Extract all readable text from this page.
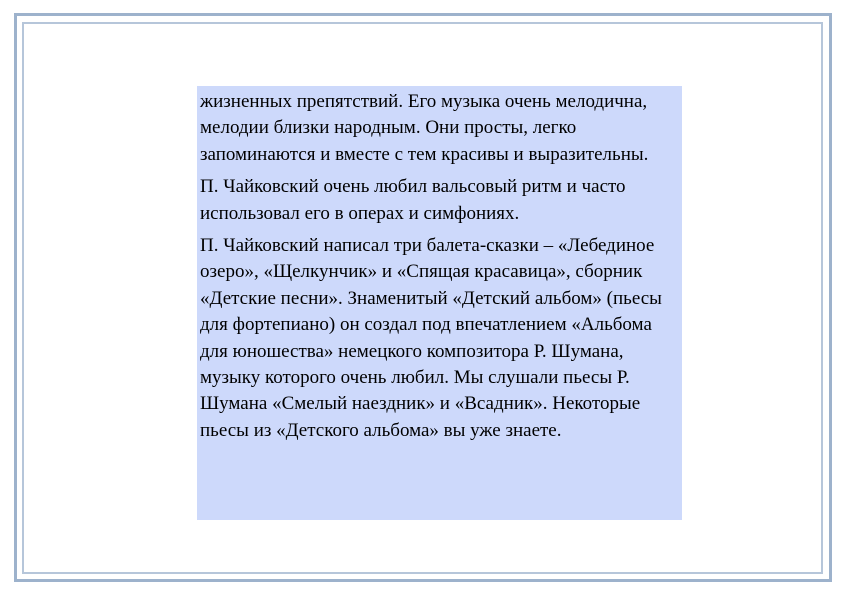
жизненных препятствий. Его музыка очень мелодична, мелодии близки народным. Они просты, легко запоминаются и вместе с тем красивы и выразительны.

П. Чайковский очень любил вальсовый ритм и часто использовал его в операх и симфониях.

П. Чайковский написал три балета-сказки – «Лебединое озеро», «Щелкунчик» и «Спящая красавица», сборник «Детские песни». Знаменитый «Детский альбом» (пьесы для фортепиано) он создал под впечатлением «Альбома для юношества» немецкого композитора Р. Шумана, музыку которого очень любил. Мы слушали пьесы Р. Шумана «Смелый наездник» и «Всадник». Некоторые пьесы из «Детского альбома» вы уже знаете.
